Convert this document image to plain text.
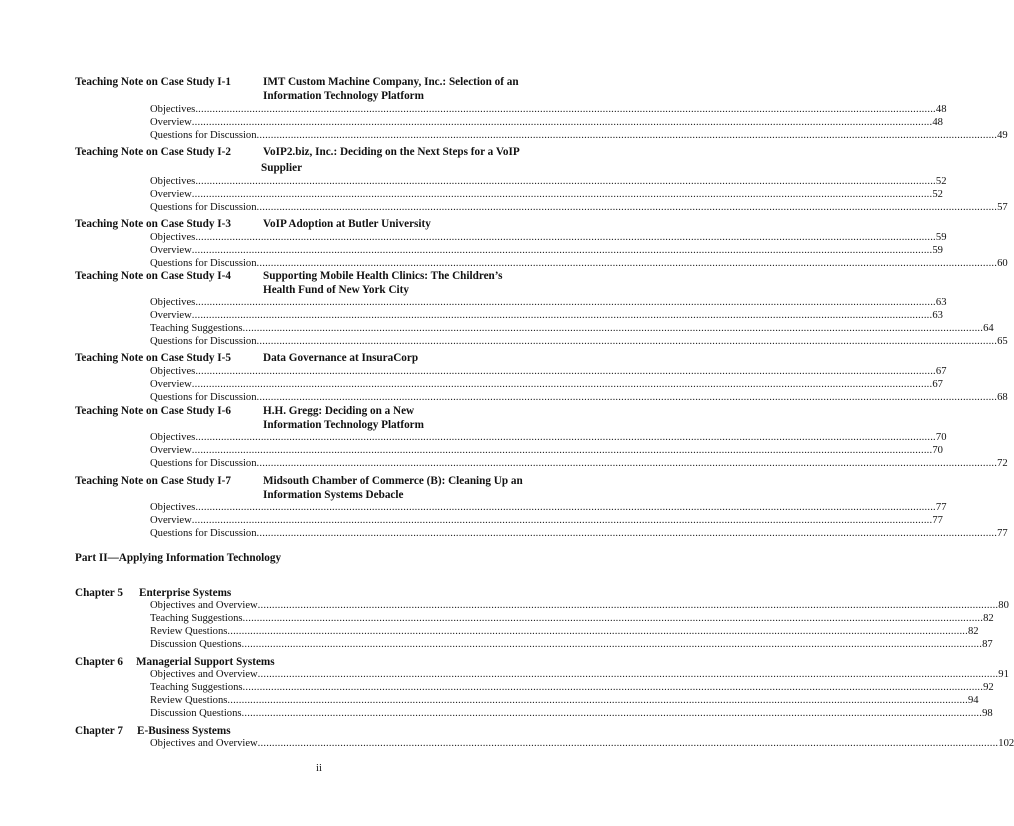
Teaching Note on Case Study I-1	IMT Custom Machine Company, Inc.: Selection of an
Information Technology Platform
Objectives .................................................................................................................................................................................................................................................................... 48
Overview .................................................................................................................................................................................................................................................................... 48
Questions for Discussion .................................................................................................................................................................................................................................................................... 49
Teaching Note on Case Study I-2	VoIP2.biz, Inc.: Deciding on the Next Steps for a VoIP
Supplier
Objectives .................................................................................................................................................................................................................................................................... 52
Overview .................................................................................................................................................................................................................................................................... 52
Questions for Discussion .................................................................................................................................................................................................................................................................... 57
Teaching Note on Case Study I-3	VoIP Adoption at Butler University
Objectives .................................................................................................................................................................................................................................................................... 59
Overview .................................................................................................................................................................................................................................................................... 59
Questions for Discussion .................................................................................................................................................................................................................................................................... 60
Teaching Note on Case Study I-4	Supporting Mobile Health Clinics: The Children’s
Health Fund of New York City
Objectives .................................................................................................................................................................................................................................................................... 63
Overview .................................................................................................................................................................................................................................................................... 63
Teaching Suggestions .................................................................................................................................................................................................................................................................... 64
Questions for Discussion .................................................................................................................................................................................................................................................................... 65
Teaching Note on Case Study I-5	Data Governance at InsuraCorp
Objectives .................................................................................................................................................................................................................................................................... 67
Overview .................................................................................................................................................................................................................................................................... 67
Questions for Discussion .................................................................................................................................................................................................................................................................... 68
Teaching Note on Case Study I-6	H.H. Gregg: Deciding on a New
Information Technology Platform
Objectives .................................................................................................................................................................................................................................................................... 70
Overview .................................................................................................................................................................................................................................................................... 70
Questions for Discussion .................................................................................................................................................................................................................................................................... 72
Teaching Note on Case Study I-7	Midsouth Chamber of Commerce (B): Cleaning Up an
Information Systems Debacle
Objectives .................................................................................................................................................................................................................................................................... 77
Overview .................................................................................................................................................................................................................................................................... 77
Questions for Discussion .................................................................................................................................................................................................................................................................... 77
Part II—Applying Information Technology
Chapter 5 Enterprise Systems
Objectives and Overview .................................................................................................................................................................................................................................................................... 80
Teaching Suggestions .................................................................................................................................................................................................................................................................... 82
Review Questions .................................................................................................................................................................................................................................................................... 82
Discussion Questions .................................................................................................................................................................................................................................................................... 87
Chapter 6 Managerial Support Systems
Objectives and Overview .................................................................................................................................................................................................................................................................... 91
Teaching Suggestions .................................................................................................................................................................................................................................................................... 92
Review Questions .................................................................................................................................................................................................................................................................... 94
Discussion Questions .................................................................................................................................................................................................................................................................... 98
Chapter 7 E-Business Systems
Objectives and Overview .................................................................................................................................................................................................................................................................... 102
ii
